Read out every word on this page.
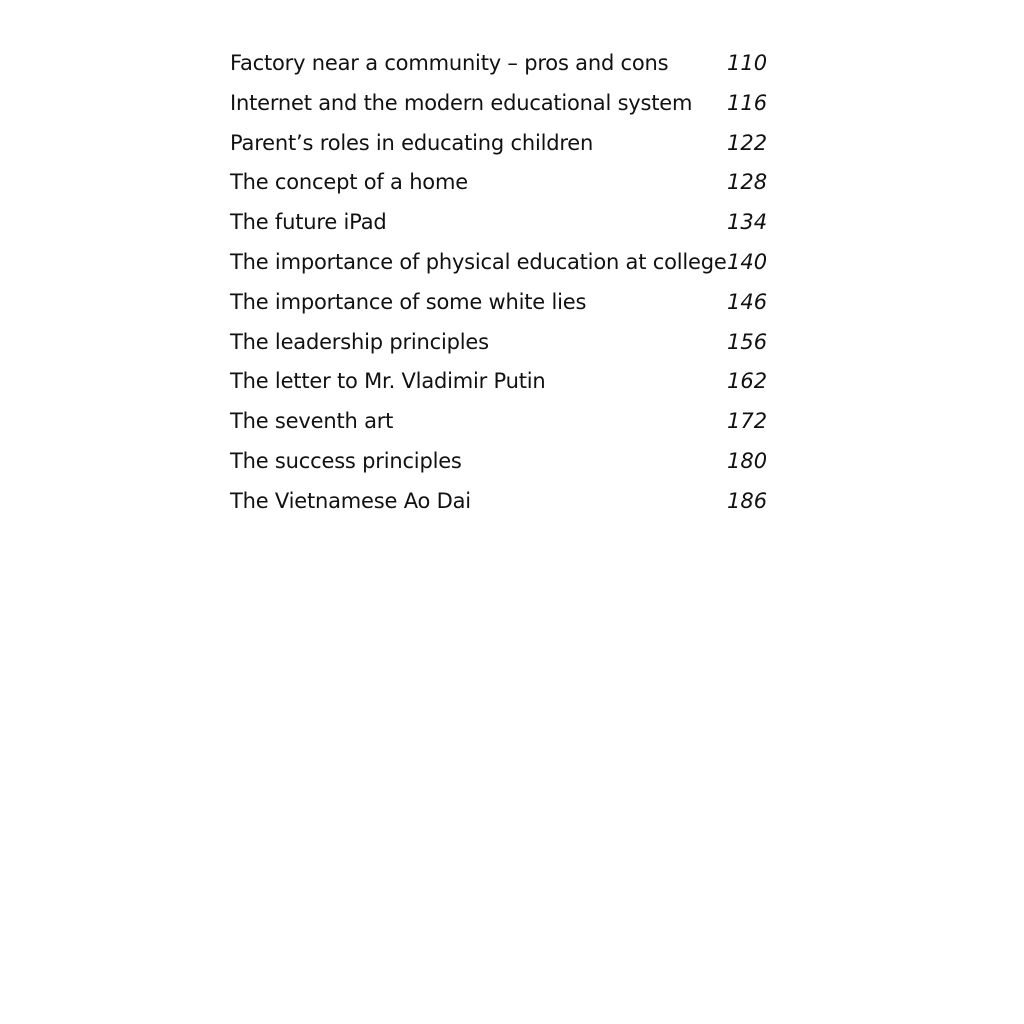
Factory near a community – pros and cons	110
Internet and the modern educational system 116
Parent’s roles in educating children	122
The concept of a home	128
The future iPad	134
The importance of physical education at college 140
The importance of some white lies	146
The leadership principles	156
The letter to Mr. Vladimir Putin	162
The seventh art	172
The success principles	180
The Vietnamese Ao Dai	186
